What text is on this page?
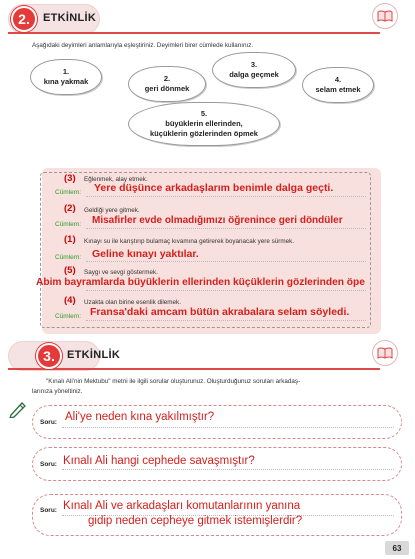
2.	ETKİNLİK
Aşağıdaki deyimleri anlamlarıyla eşleştiriniz. Deyimleri birer cümlede kullanınız.
1.
kına yakmak	2.
geri dönmek
3.
dalga geçmek
4.
selam etmek
5.
büyüklerin ellerinden,
küçüklerin gözlerinden öpmek
(3) Eğlenmek, alay etmek.
Cümlem: Yere düşünce arkadaşlarım benimle dalga geçti.
(2) Geldiği yere gitmek.
Cümlem: Misafirler evde olmadığımızı öğrenince geri döndüler
(1) Kınayı su ile karıştırıp bulamaç kıvamına getirerek boyanacak yere sürmek.
Cümlem: Geline kınayı yaktılar.
(5) Saygı ve sevgi göstermek.
Abim bayramlarda büyüklerin ellerinden küçüklerin gözlerinden öpe
(4) Uzakta olan birine esenlik dilemek.
Cümlem: Fransa'daki amcam bütün akrabalara selam söyledi.
3.	ETKİNLİK
"Kınalı Ali'nin Mektubu" metni ile ilgili sorular oluşturunuz. Oluşturduğunuz soruları arkadaş-
larınıza yöneltiniz.
Soru: Ali'ye neden kına yakılmıştır?
Soru: Kınalı Ali hangi cephede savaşmıştır?
Soru: Kınalı Ali ve arkadaşları komutanlarının yanına
gidip neden cepheye gitmek istemişlerdir?
63
